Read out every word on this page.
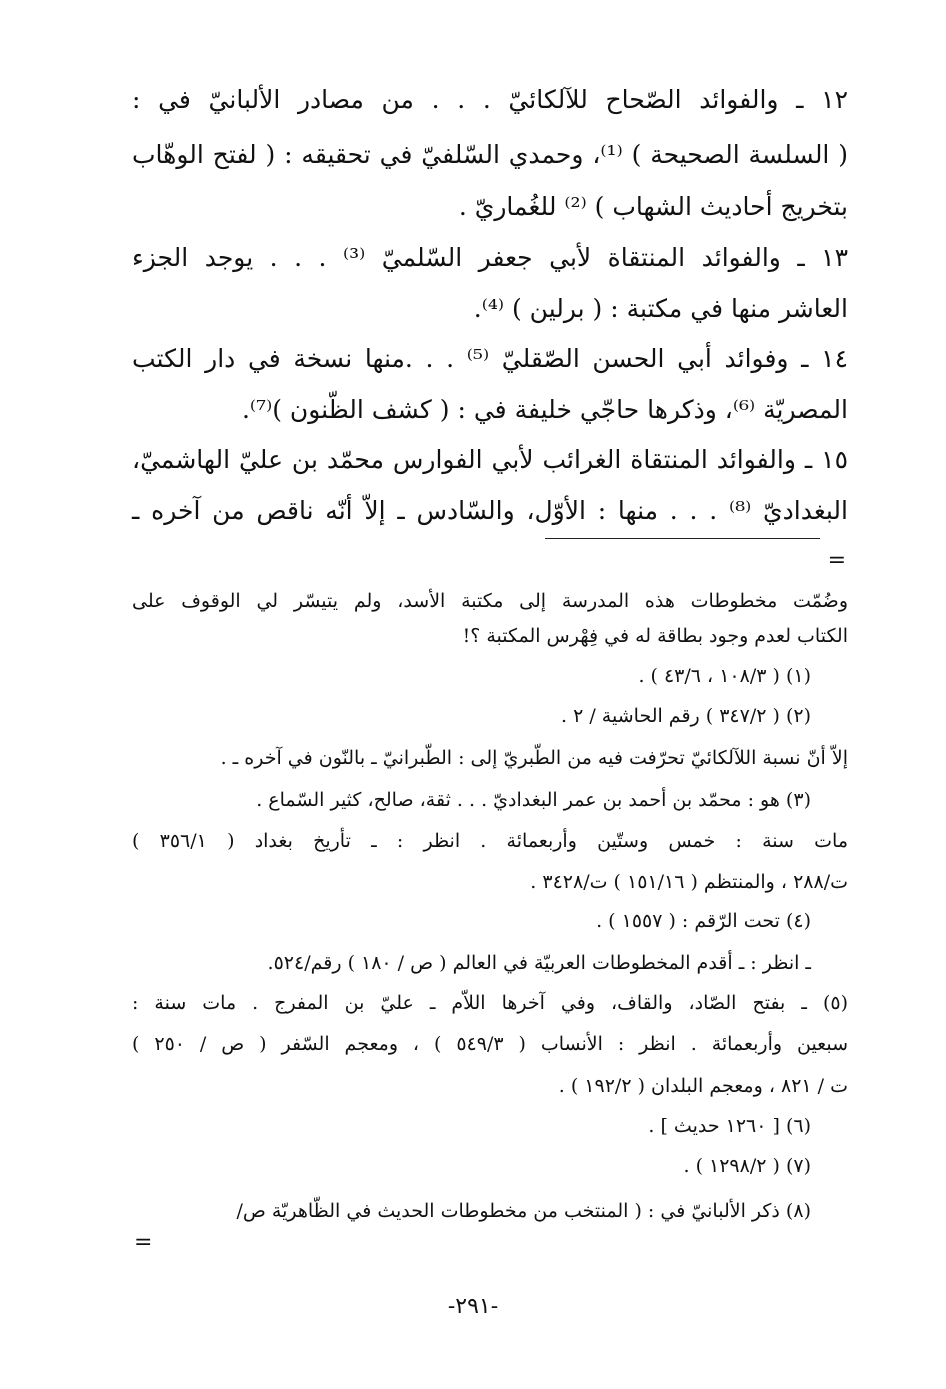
١٢ ـ والفوائد الصّحاح للآلكائيّ . . . من مصادر الألبانيّ في :
( السلسة الصحيحة ) ⁽¹⁾، وحمدي السّلفيّ في تحقيقه : ( لفتح الوهّاب
بتخريج أحاديث الشهاب ) ⁽²⁾ للغُماريّ .
١٣ ـ والفوائد المنتقاة لأبي جعفر السّلميّ ⁽³⁾ . . . يوجد الجزء
العاشر منها في مكتبة : ( برلين ) ⁽⁴⁾.
١٤ ـ وفوائد أبي الحسن الصّقليّ ⁽⁵⁾ . . .منها نسخة في دار الكتب
المصريّة ⁽⁶⁾، وذكرها حاجّي خليفة في : ( كشف الظّنون )⁽⁷⁾.
١٥ ـ والفوائد المنتقاة الغرائب لأبي الفوارس محمّد بن عليّ الهاشميّ،
البغداديّ ⁽⁸⁾ . . . منها : الأوّل، والسّادس ـ إلاّ أنّه ناقص من آخره ـ
=
وضُمّت مخطوطات هذه المدرسة إلى مكتبة الأسد، ولم يتيسّر لي الوقوف على
الكتاب لعدم وجود بطاقة له في فِهْرس المكتبة ؟!
(١) ( ١٠٨/٣ ، ٤٣/٦ ) .
(٢) ( ٣٤٧/٢ ) رقم الحاشية / ٢ .
إلاّ أنّ نسبة اللآلكائيّ تحرّفت فيه من الطّبريّ إلى : الطّبرانيّ ـ بالنّون في آخره ـ .
(٣) هو : محمّد بن أحمد بن عمر البغداديّ . . . ثقة، صالح، كثير السّماع .
مات سنة : خمس وستّين وأربعمائة . انظر : ـ تأريخ بغداد ( ٣٥٦/١ )
ت/٢٨٨ ، والمنتظم ( ١٥١/١٦ ) ت/٣٤٢٨ .
(٤) تحت الرّقم : ( ١٥٥٧ ) .
ـ انظر : ـ أقدم المخطوطات العربيّة في العالم ( ص / ١٨٠ ) رقم/٥٢٤.
(٥) ـ بفتح الصّاد، والقاف، وفي آخرها اللاّم ـ عليّ بن المفرج . مات سنة :
سبعين وأربعمائة . انظر : الأنساب ( ٥٤٩/٣ ) ، ومعجم السّفر ( ص / ٢٥٠ )
ت / ٨٢١ ، ومعجم البلدان ( ١٩٢/٢ ) .
(٦) [ ١٢٦٠ حديث ] .
(٧) ( ١٢٩٨/٢ ) .
(٨) ذكر الألبانيّ في : ( المنتخب من مخطوطات الحديث في الظّاهريّة ص/
=
-٢٩١-
